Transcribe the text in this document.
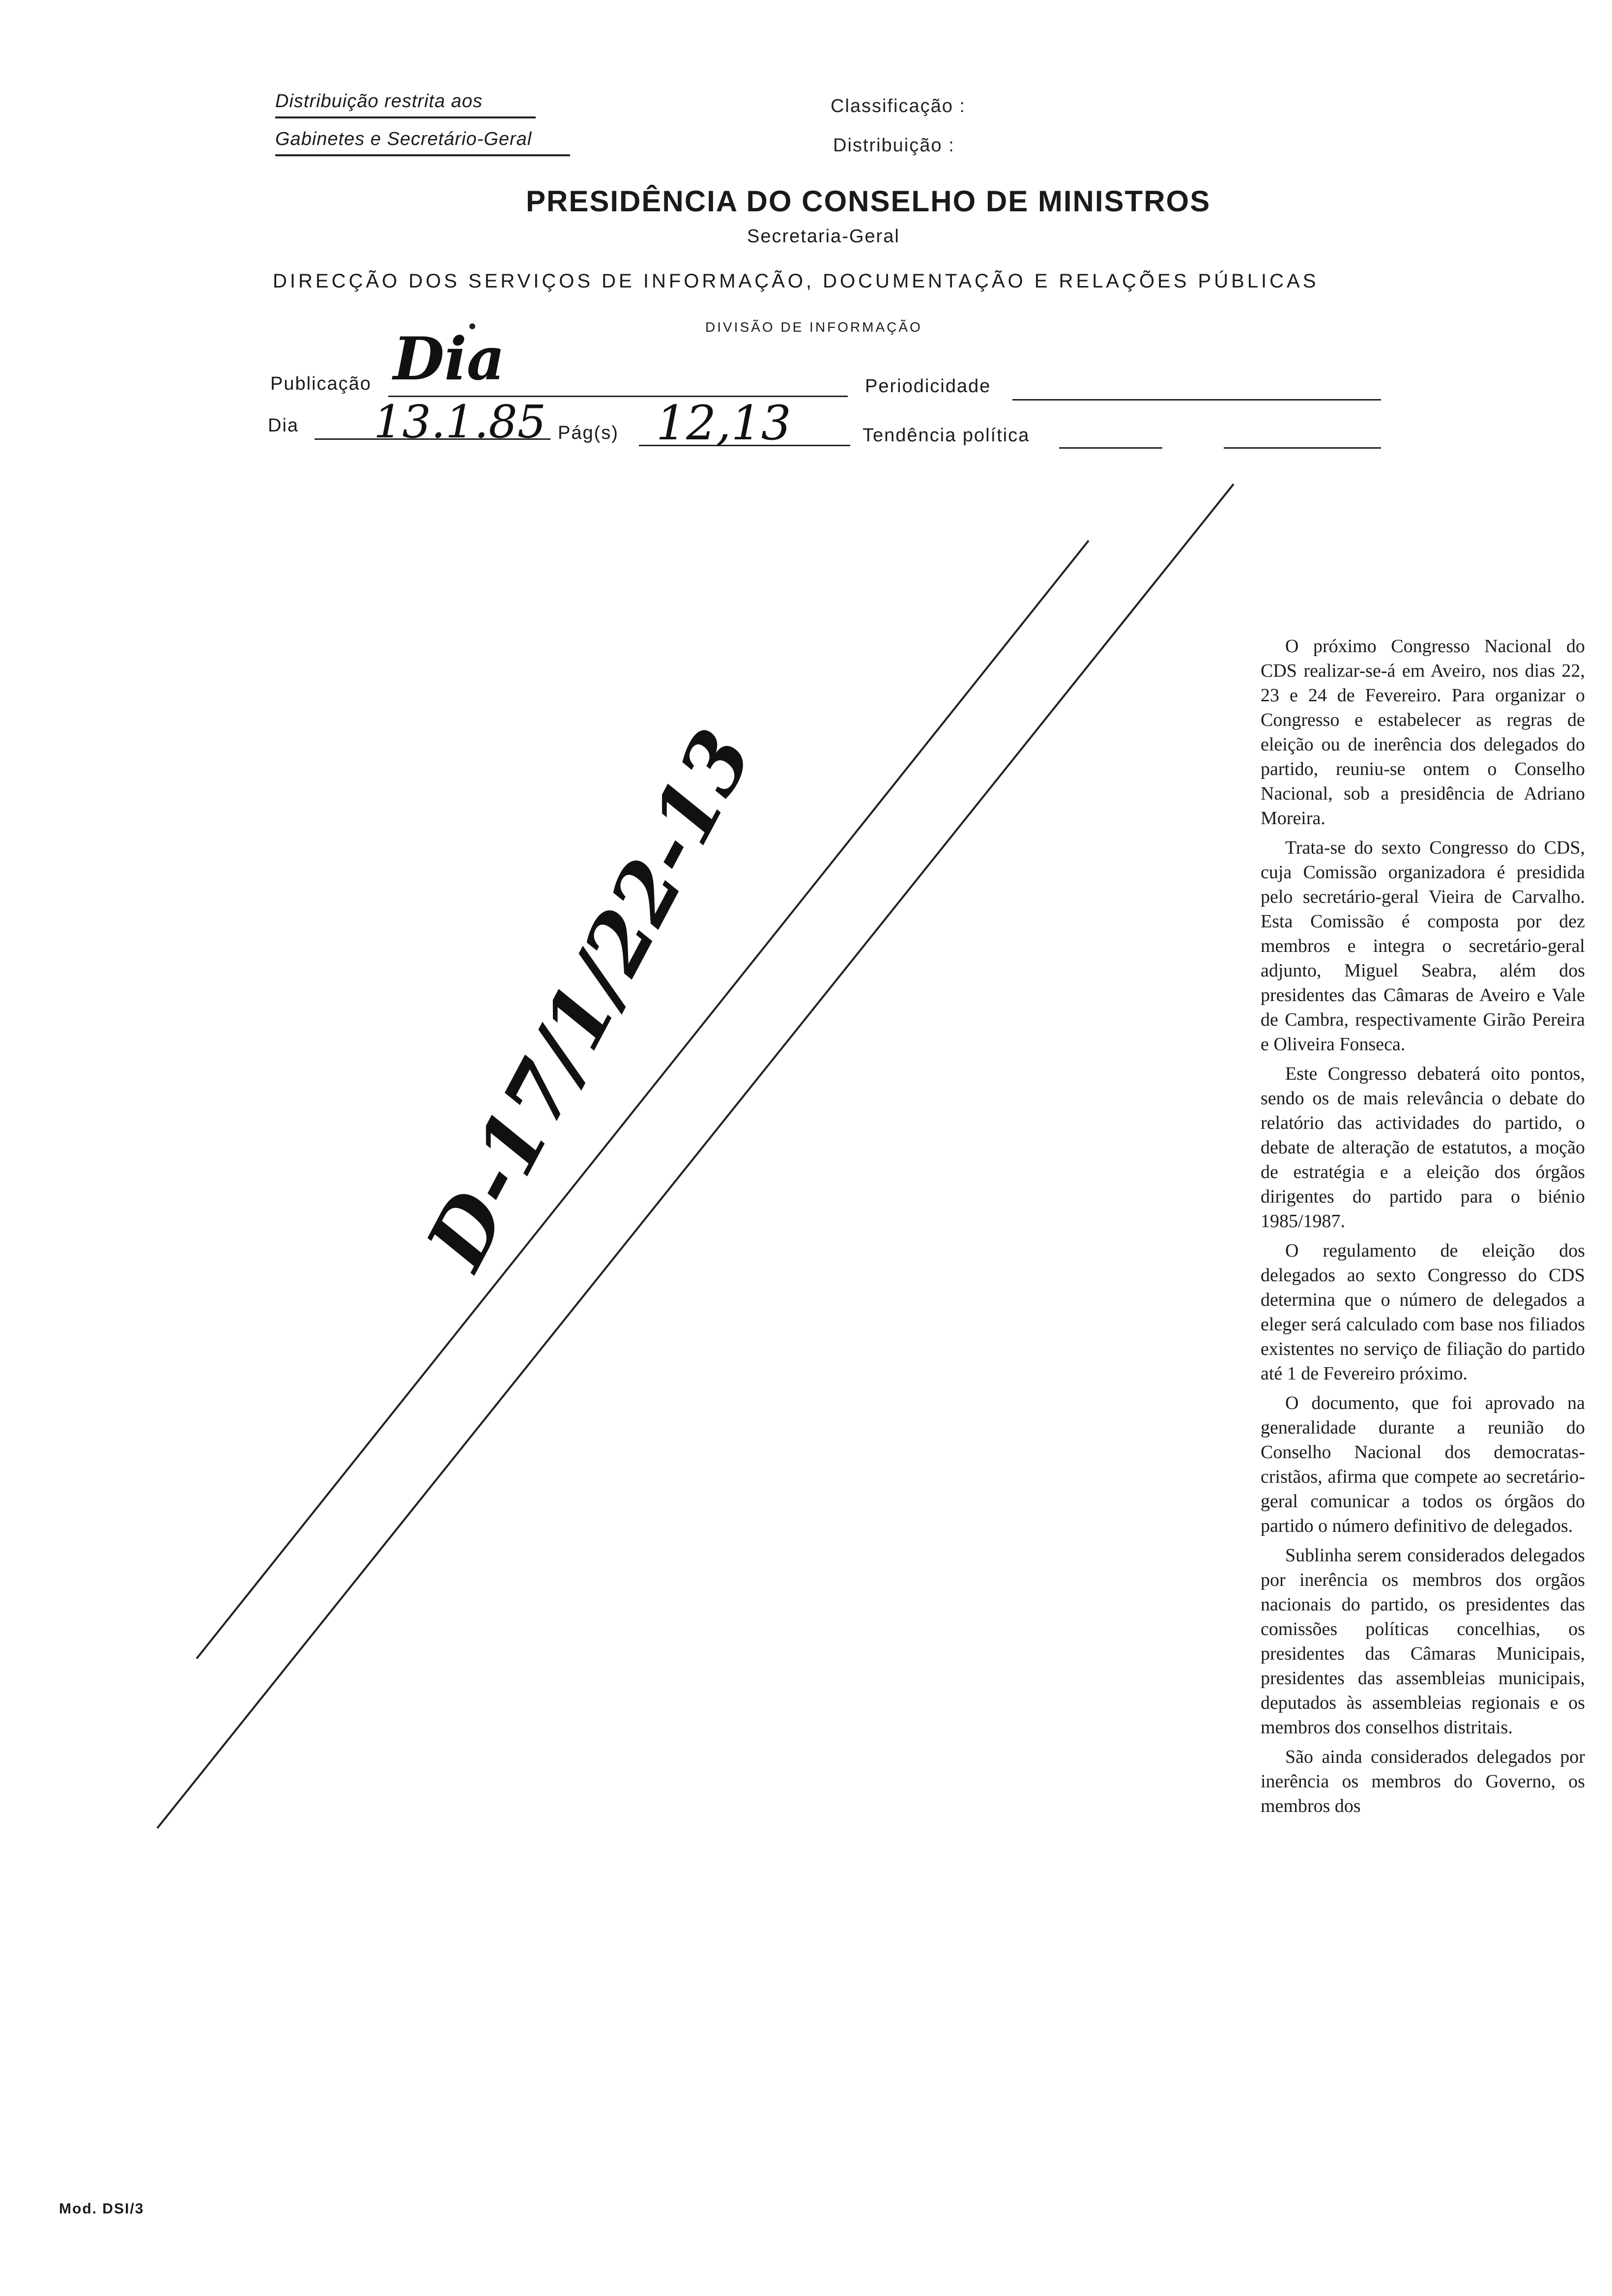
Distribuição restrita aos
Gabinetes e Secretário-Geral
Classificação :
Distribuição :
PRESIDÊNCIA DO CONSELHO DE MINISTROS
Secretaria-Geral
DIRECÇÃO DOS SERVIÇOS DE INFORMAÇÃO, DOCUMENTAÇÃO E RELAÇÕES PÚBLICAS
DIVISÃO DE INFORMAÇÃO
Publicação Dia	Periodicidade
Dia 13.1.85 Pág(s) 12,13	Tendência política
D-17/1/22-13

O próximo Congresso Nacional do CDS realizar-se-á em Aveiro, nos dias 22, 23 e 24 de Fevereiro. Para organizar o Congresso e estabelecer as regras de eleição ou de inerência dos delegados do partido, reuniu-se ontem o Conselho Nacional, sob a presidência de Adriano Moreira.

Trata-se do sexto Congresso do CDS, cuja Comissão organizadora é presidida pelo secretário-geral Vieira de Carvalho. Esta Comissão é composta por dez membros e integra o secretário-geral adjunto, Miguel Seabra, além dos presidentes das Câmaras de Aveiro e Vale de Cambra, respectivamente Girão Pereira e Oliveira Fonseca.

Este Congresso debaterá oito pontos, sendo os de mais relevância o debate do relatório das actividades do partido, o debate de alteração de estatutos, a moção de estratégia e a eleição dos órgãos dirigentes do partido para o biénio 1985/1987.

O regulamento de eleição dos delegados ao sexto Congresso do CDS determina que o número de delegados a eleger será calculado com base nos filiados existentes no serviço de filiação do partido até 1 de Fevereiro próximo.

O documento, que foi aprovado na generalidade durante a reunião do Conselho Nacional dos democratas-cristãos, afirma que compete ao secretário-geral comunicar a todos os órgãos do partido o número definitivo de delegados.

Sublinha serem considerados delegados por inerência os membros dos orgãos nacionais do partido, os presidentes das comissões políticas concelhias, os presidentes das Câmaras Municipais, presidentes das assembleias municipais, deputados às assembleias regionais e os membros dos conselhos distritais.

São ainda considerados delegados por inerência os membros do Governo, os membros dos

Mod. DSI/3
